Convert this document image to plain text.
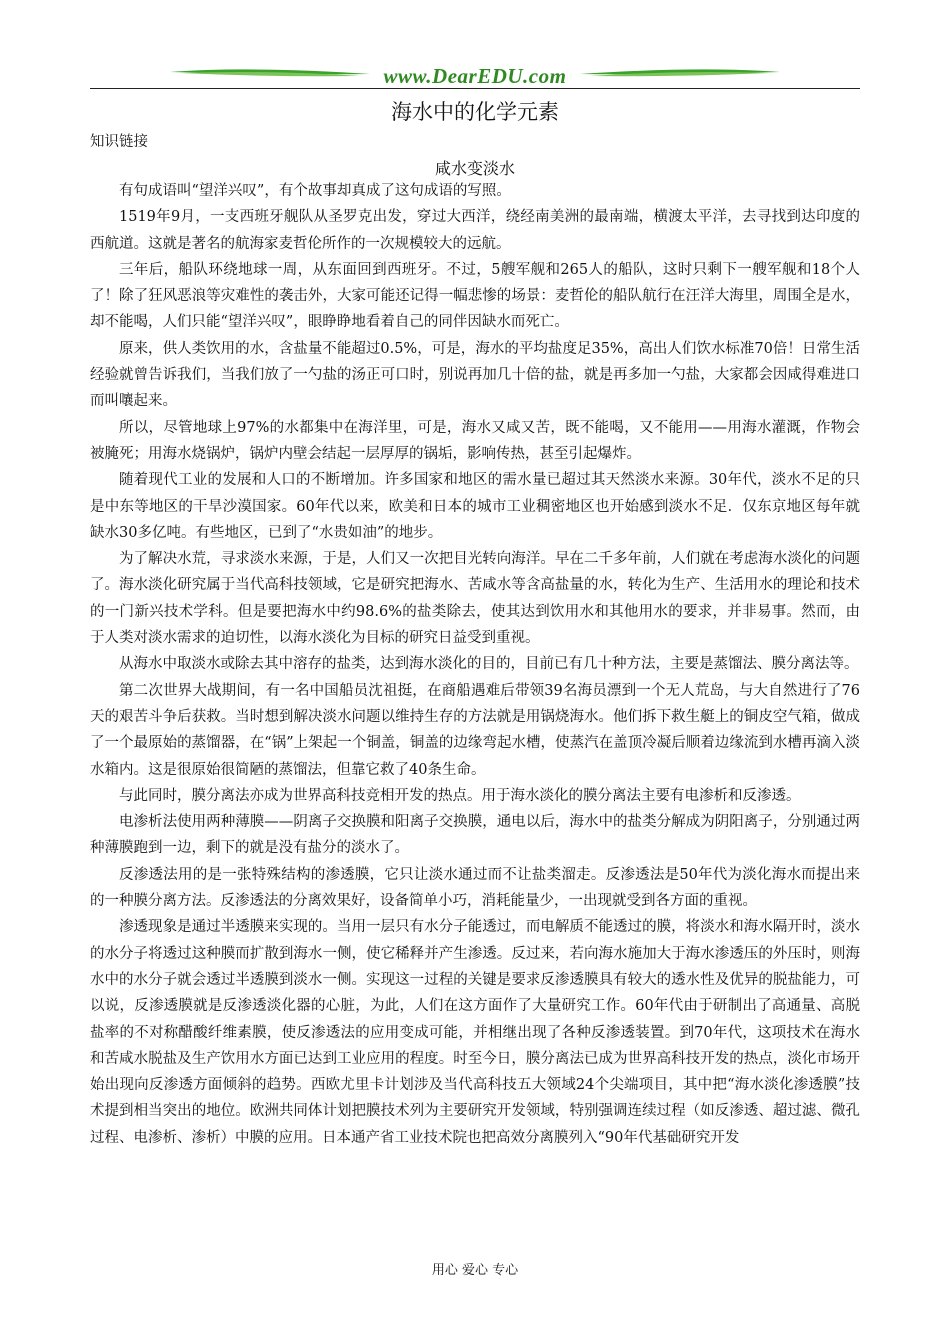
www.DearEDU.com
海水中的化学元素
知识链接
咸水变淡水

有句成语叫“望洋兴叹”，有个故事却真成了这句成语的写照。

1519年9月，一支西班牙舰队从圣罗克出发，穿过大西洋，绕经南美洲的最南端，横渡太平洋，去寻找到达印度的西航道。这就是著名的航海家麦哲伦所作的一次规模较大的远航。

三年后，船队环绕地球一周，从东面回到西班牙。不过，5艘军舰和265人的船队，这时只剩下一艘军舰和18个人了！除了狂风恶浪等灾难性的袭击外，大家可能还记得一幅悲惨的场景：麦哲伦的船队航行在汪洋大海里，周围全是水，却不能喝，人们只能“望洋兴叹”，眼睁睁地看着自己的同伴因缺水而死亡。

原来，供人类饮用的水，含盐量不能超过0.5%，可是，海水的平均盐度足35%，高出人们饮水标准70倍！日常生活经验就曾告诉我们，当我们放了一勺盐的汤正可口时，别说再加几十倍的盐，就是再多加一勺盐，大家都会因咸得难进口而叫嚷起来。

所以，尽管地球上97%的水都集中在海洋里，可是，海水又咸又苦，既不能喝，又不能用——用海水灌溉，作物会被腌死；用海水烧锅炉，锅炉内壁会结起一层厚厚的锅垢，影响传热，甚至引起爆炸。

随着现代工业的发展和人口的不断增加。许多国家和地区的需水量已超过其天然淡水来源。30年代，淡水不足的只是中东等地区的干旱沙漠国家。60年代以来，欧美和日本的城市工业稠密地区也开始感到淡水不足．仅东京地区每年就缺水30多亿吨。有些地区，已到了“水贵如油”的地步。

为了解决水荒，寻求淡水来源，于是，人们又一次把目光转向海洋。早在二千多年前，人们就在考虑海水淡化的问题了。海水淡化研究属于当代高科技领域，它是研究把海水、苦咸水等含高盐量的水，转化为生产、生活用水的理论和技术的一门新兴技术学科。但是要把海水中约98.6%的盐类除去，使其达到饮用水和其他用水的要求，并非易事。然而，由于人类对淡水需求的迫切性，以海水淡化为目标的研究日益受到重视。

从海水中取淡水或除去其中溶存的盐类，达到海水淡化的目的，目前已有几十种方法，主要是蒸馏法、膜分离法等。

第二次世界大战期间，有一名中国船员沈祖挺，在商船遇难后带领39名海员漂到一个无人荒岛，与大自然进行了76天的艰苦斗争后获救。当时想到解决淡水问题以维持生存的方法就是用锅烧海水。他们拆下救生艇上的铜皮空气箱，做成了一个最原始的蒸馏器，在“锅”上架起一个铜盖，铜盖的边缘弯起水槽，使蒸汽在盖顶冷凝后顺着边缘流到水槽再滴入淡水箱内。这是很原始很简陋的蒸馏法，但靠它救了40条生命。

与此同时，膜分离法亦成为世界高科技竞相开发的热点。用于海水淡化的膜分离法主要有电渗析和反渗透。

电渗析法使用两种薄膜——阴离子交换膜和阳离子交换膜，通电以后，海水中的盐类分解成为阴阳离子，分别通过两种薄膜跑到一边，剩下的就是没有盐分的淡水了。

反渗透法用的是一张特殊结构的渗透膜，它只让淡水通过而不让盐类溜走。反渗透法是50年代为淡化海水而提出来的一种膜分离方法。反渗透法的分离效果好，设备简单小巧，消耗能量少，一出现就受到各方面的重视。

渗透现象是通过半透膜来实现的。当用一层只有水分子能透过，而电解质不能透过的膜，将淡水和海水隔开时，淡水的水分子将透过这种膜而扩散到海水一侧，使它稀释并产生渗透。反过来，若向海水施加大于海水渗透压的外压时，则海水中的水分子就会透过半透膜到淡水一侧。实现这一过程的关键是要求反渗透膜具有较大的透水性及优异的脱盐能力，可以说，反渗透膜就是反渗透淡化器的心脏，为此，人们在这方面作了大量研究工作。60年代由于研制出了高通量、高脱盐率的不对称醋酸纤维素膜，使反渗透法的应用变成可能，并相继出现了各种反渗透装置。到70年代，这项技术在海水和苦咸水脱盐及生产饮用水方面已达到工业应用的程度。时至今日，膜分离法已成为世界高科技开发的热点，淡化市场开始出现向反渗透方面倾斜的趋势。西欧尤里卡计划涉及当代高科技五大领域24个尖端项目，其中把“海水淡化渗透膜”技术提到相当突出的地位。欧洲共同体计划把膜技术列为主要研究开发领域，特别强调连续过程（如反渗透、超过滤、微孔过程、电渗析、渗析）中膜的应用。日本通产省工业技术院也把高效分离膜列入“90年代基础研究开发

用心 爱心 专心
